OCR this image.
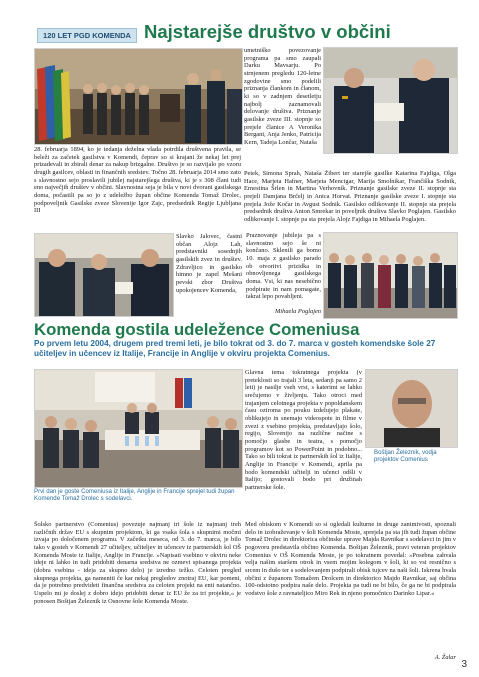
120 LET PGD KOMENDA Najstarejše društvo v občini

umetniško povezovanje programa pa smo zaupali Darku Mavsarju. Po strnjenem pregledu 120-letne zgodovine smo podelili priznanja člankom in članom, ki so v zadnjem desetletju najbolj zaznamovali delovanje društva. Priznanje gasilske zveze III. stopnje so prejele članice A Veronika Bergant, Anja Jenko, Patricija Kern, Tadeja Lončar, Nataša

28. februarja 1894, ko je tedanja deželna vlada potrdila društvena pravila, se beleži za začetek gasilstva v Komendi, čeprav so si krajani že nekaj let prej prizadevali in zbirali denar za nakup brizgalne. Društvo je so razvijalo po vzoru drugih gasilcev, oblasti in finančnih sredstev. Točno 28. februarja 2014 smo zato s slavnostno sejo proslavili jubilej najstarejšega društva, ki je s 308 člani tudi eno največjih društev v občini. Slavnostna seja je bila v novi dvorani gasilskega doma, počastili pa so jo z udeležbo župan občine Komenda Tomaž Drolec, podpoveljnik Gasilske zveze Slovenije Igor Zajc, predsednik Regije Ljubljana III

Petek, Simona Sprah, Nataša Žibert ter starejše gasilke Katarina Fajdiga, Olga Hace, Marjeta Hafner, Marjeta Mencigar, Marija Smolnikar, Frančiška Sodnik, Ernestina Šrlen in Martina Verhovnik. Priznanje gasilske zveze II. stopnje sta prejeli Damjana Brčelj in Anica Horvat. Priznanje gasilske zveze I. stopnje sta prejela Jože Kočar in Avgust Sodnik. Gasilsko odlikovanje II. stopnje sta prejela predsednik društva Anton Smrekar in poveljnik društva Slavko Poglajen. Gasilsko odlikovanje I. stopnje pa sta prejela Alojz Fajdiga in Mihaela Poglajen.

Slavko Jalovec, častni občan Alojz Lah, predstavniki sosednjih gasilskih zvez in društev. Zdravljico in gasilsko himno je zapel Mešani pevski zbor Društva upokojencev Komenda,

Praznovanje jubileja pa s slavnostno sejo še ni končano. Sklenili ga bomo 10. maja z gasilsko parado ob otvoritvi prizidka in obnovljenega gasilskega doma. Vsi, ki nas nesebično podpirate in nam pomagate, takrat lepo povabljeni.

Mihaela Poglajen
Komenda gostila udeležence Comeniusa
Po prvem letu 2004, drugem pred tremi leti, je bilo tokrat od 3. do 7. marca v gosteh komendske šole 27 učiteljev in učencev iz Italije, Francije in Anglije v okviru projekta Comenius.
Prvi dan je goste Comeniusa iz Italije, Anglije in Francije sprejel tudi župan Komende Tomaž Drolec s sodelavci.

Glavna tema tokratnega projekta (v preteklosti so trajali 3 leta, sedanji pa samo 2 leti) je nasilje vseh vrst, s katerimi se lahko srečujemo v življenju. Tako otroci med trajanjem celotnega projekta v popoldanskem času oziroma po pouku izdelujejo plakate, oblikujejo in snemajo videospote in filme v zvezi z vsebino projekta, predstavljajo šolo, regijo, Slovenijo na različne načine s pomočjo glasbe in teatra, s pomočjo programov kot so PowerPoint in podobno... Tako so bili tokrat iz partnerskih šol iz Italije, Anglije in Francije v Komendi, aprila pa bodo komendski učitelji in učenci odšli v Italijo; gostovali bodo pri družinah partnerske šole.

Boštjan Železnik, vodja projektov Comenius

Šolsko partnerstvo (Comenius) povezuje najmanj tri šole iz najmanj treh različnih držav EU s skupnim projektom, ki ga vsaka šola s skupnimi močmi izvaja po določenem programu. V začetku meseca, od 3. do 7. marca, je bilo tako v gosteh v Komendi 27 učiteljev, učiteljev in učencev iz partnerskih šol OŠ Komenda Moste iz Italije, Anglije in Francije. »Napisati vsebino v okviru neke ideje ni lahko in tudi pridobiti denarna sredstva ne ozmevi spisanega projekta (dobra vsebina - ideja za skupno delo) je izredno težko. Celoten pregled skupnega projekta, ga nameniti če kar nekaj pregledov znotraj EU, kar pomeni, da je potrebno predvideti finančna sredstva za celoten projekt na enti natančno. Uspelo mi je dosleј z dobro idejo pridobiti denar iz EU že za tri projekte,« je ponosen Boštjan Železnik iz Osnovne šole Komenda Moste.

Med obiskom v Komendi so si ogledali kulturne in druge zanimivosti, spoznali delo in izobraževanje v šoli Komenda Moste, sprejela pa sta jih tudi župan občine Tomaž Drolec in direktorica občinske uprave Majda Ravnikar s sodelavci in jim v pogovoru predstavila občino Komenda. Boštjan Železnik, pravi veteran projektov Comenius v OŠ Komenda Moste, je po tokratnem povedal: »Posebna zahvala velja našim staršem otrok in vsem mojim kolegom v šoli, ki so vsi resnično s srcem in dušo ter s sodelovanjem podpirali obisk tujcev na naši šoli. Iskrena hvala občini z županom Tomažem Drolcem in direktorico Majdo Ravnikar, saj občina 100-odstotno podpira naše delo. Projekta pa tudi ne bi bilo, če ga ne bi podpirala vodstvo šole z ravnateljico Miro Rek in njeno pomočnico Darinko Lipar.«

A. Žalar
3
